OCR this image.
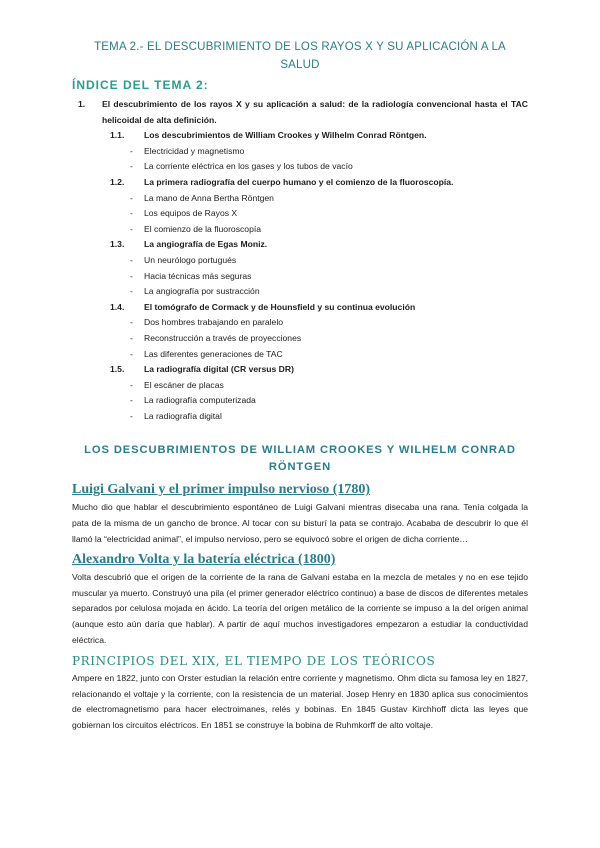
TEMA 2.- EL DESCUBRIMIENTO DE LOS RAYOS X Y SU APLICACIÓN A LA
SALUD
ÍNDICE DEL TEMA 2:
1.	El descubrimiento de los rayos X y su aplicación a salud: de la radiología convencional hasta el TAC helicoidal de alta definición.
1.1.	Los descubrimientos de William Crookes y Wilhelm Conrad Röntgen.
-	Electricidad y magnetismo
-	La corriente eléctrica en los gases y los tubos de vacío
1.2.	La primera radiografía del cuerpo humano y el comienzo de la fluoroscopía.
-	La mano de Anna Bertha Röntgen
-	Los equipos de Rayos X
-	El comienzo de la fluoroscopía
1.3.	La angiografía de Egas Moniz.
-	Un neurólogo portugués
-	Hacia técnicas más seguras
-	La angiografía por sustracción
1.4.	El tomógrafo de Cormack y de Hounsfield y su continua evolución
-	Dos hombres trabajando en paralelo
-	Reconstrucción a través de proyecciones
-	Las diferentes generaciones de TAC
1.5.	La radiografía digital (CR versus DR)
-	El escáner de placas
-	La radiografía computerizada
-	La radiografía digital
LOS DESCUBRIMIENTOS DE WILLIAM CROOKES Y WILHELM CONRAD
RÖNTGEN
Luigi Galvani y el primer impulso nervioso (1780)

Mucho dio que hablar el descubrimiento espontáneo de Luigi Galvani mientras disecaba una rana. Tenía colgada la pata de la misma de un gancho de bronce. Al tocar con su bisturí la pata se contrajo. Acababa de descubrir lo que él llamó la “electricidad animal”, el impulso nervioso, pero se equivocó sobre el origen de dicha corriente…

Alexandro Volta y la batería eléctrica (1800)

Volta descubrió que el origen de la corriente de la rana de Galvani estaba en la mezcla de metales y no en ese tejido muscular ya muerto. Construyó una pila (el primer generador eléctrico continuo) a base de discos de diferentes metales separados por celulosa mojada en ácido. La teoría del origen metálico de la corriente se impuso a la del origen animal (aunque esto aún daría que hablar). A partir de aquí muchos investigadores empezaron a estudiar la conductividad eléctrica.

PRINCIPIOS DEL XIX, EL TIEMPO DE LOS TEÓRICOS

Ampere en 1822, junto con Orster estudian la relación entre corriente y magnetismo. Ohm dicta su famosa ley en 1827, relacionando el voltaje y la corriente, con la resistencia de un material. Josep Henry en 1830 aplica sus conocimientos de electromagnetismo para hacer electroimanes, relés y bobinas. En 1845 Gustav Kirchhoff dicta las leyes que gobiernan los circuitos eléctricos. En 1851 se construye la bobina de Ruhmkorff de alto voltaje.
